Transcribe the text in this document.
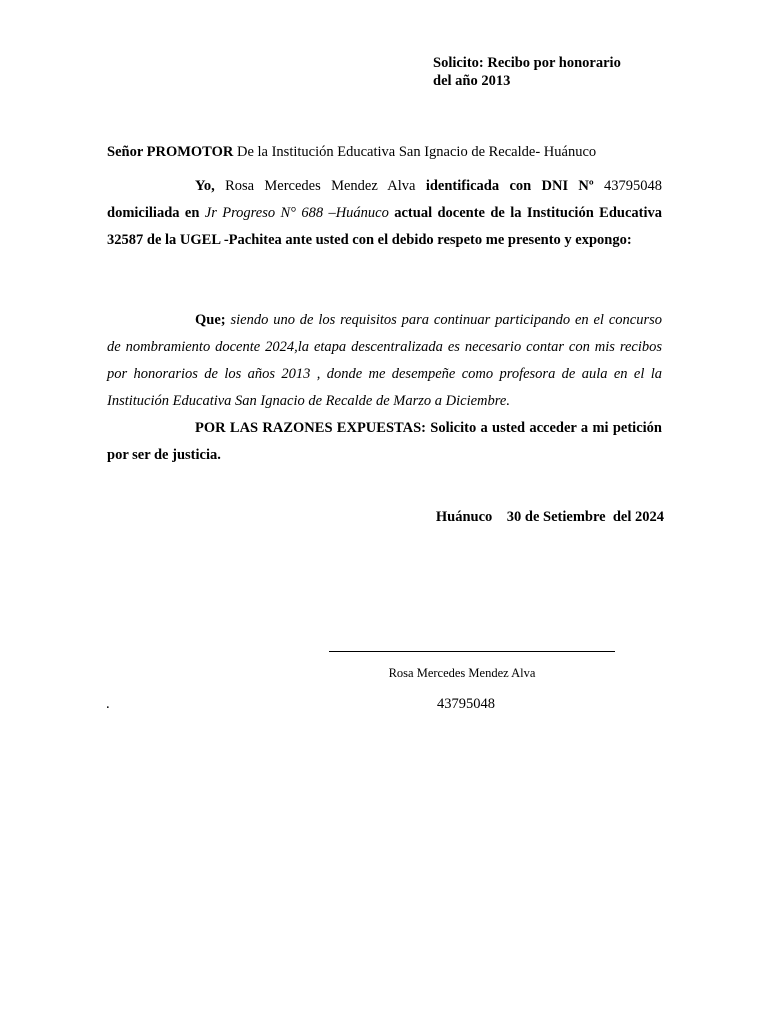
Solicito: Recibo por honorario
del año 2013
Señor PROMOTOR De la Institución Educativa San Ignacio de Recalde- Huánuco
Yo, Rosa Mercedes Mendez Alva identificada con DNI Nº 43795048 domiciliada en Jr Progreso N° 688 –Huánuco actual docente de la Institución Educativa 32587 de la UGEL -Pachitea ante usted con el debido respeto me presento y expongo:
Que; siendo uno de los requisitos para continuar participando en el concurso de nombramiento docente 2024,la etapa descentralizada es necesario contar con mis recibos por honorarios de los años 2013 , donde me desempeñe como profesora de aula en el la Institución Educativa San Ignacio de Recalde de Marzo a Diciembre.
POR LAS RAZONES EXPUESTAS: Solicito a usted acceder a mi petición por ser de justicia.
Huánuco    30 de Setiembre  del 2024
Rosa Mercedes Mendez Alva
.	43795048
